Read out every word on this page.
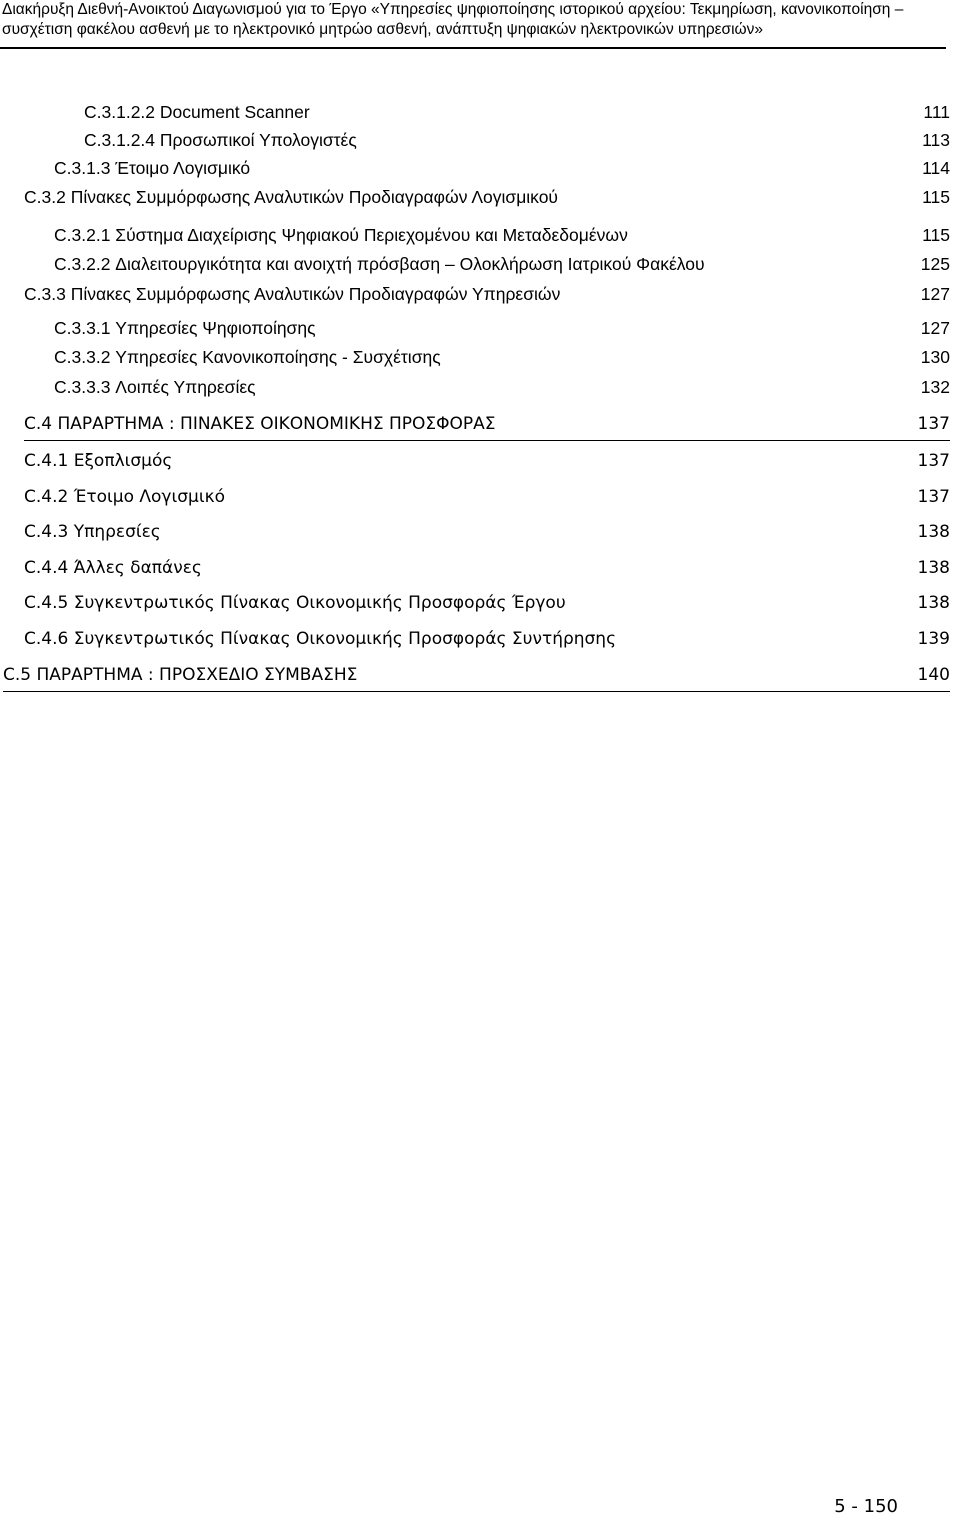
Διακήρυξη Διεθνή-Ανοικτού Διαγωνισμού για το Έργο «Υπηρεσίες ψηφιοποίησης ιστορικού αρχείου: Τεκμηρίωση, κανονικοποίηση –
συσχέτιση φακέλου ασθενή με το ηλεκτρονικό μητρώο ασθενή, ανάπτυξη ψηφιακών ηλεκτρονικών υπηρεσιών»
C.3.1.2.2 Document Scanner	111
C.3.1.2.4 Προσωπικοί Υπολογιστές	113
C.3.1.3 Έτοιμο Λογισμικό	114
C.3.2 Πίνακες Συμμόρφωσης Αναλυτικών Προδιαγραφών Λογισμικού	115
C.3.2.1 Σύστημα Διαχείρισης Ψηφιακού Περιεχομένου και Μεταδεδομένων	115
C.3.2.2 Διαλειτουργικότητα και ανοιχτή πρόσβαση – Ολοκλήρωση Ιατρικού Φακέλου	125
C.3.3 Πίνακες Συμμόρφωσης Αναλυτικών Προδιαγραφών Υπηρεσιών	127
C.3.3.1 Υπηρεσίες Ψηφιοποίησης	127
C.3.3.2 Υπηρεσίες Κανονικοποίησης - Συσχέτισης	130
C.3.3.3 Λοιπές Υπηρεσίες	132
C.4 ΠΑΡΑΡΤΗΜΑ : ΠΙΝΑΚΕΣ ΟΙΚΟΝΟΜΙΚΗΣ ΠΡΟΣΦΟΡΑΣ	137
C.4.1 Εξοπλισμός	137
C.4.2 Έτοιμο Λογισμικό	137
C.4.3 Υπηρεσίες	138
C.4.4 Άλλες δαπάνες	138
C.4.5 Συγκεντρωτικός Πίνακας Οικονομικής Προσφοράς Έργου	138
C.4.6 Συγκεντρωτικός Πίνακας Οικονομικής Προσφοράς Συντήρησης	139
C.5 ΠΑΡΑΡΤΗΜΑ : ΠΡΟΣΧΕΔΙΟ ΣΥΜΒΑΣΗΣ	140
5 - 150
